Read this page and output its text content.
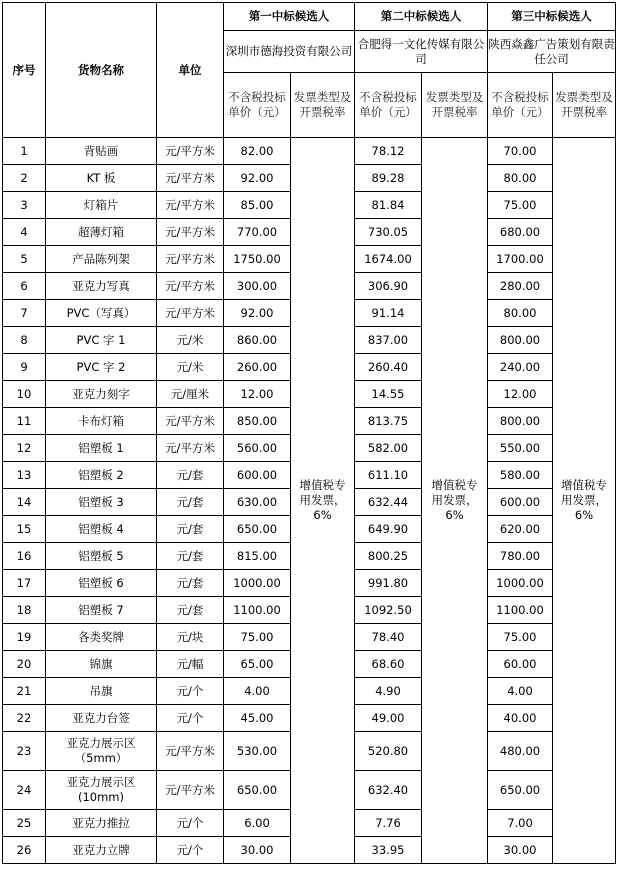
序号	货物名称	单位	第一中标候选人		第二中标候选人		第三中标候选人	
			深圳市德海投资有限公司		合肥得一文化传媒有限公司		陕西焱鑫广告策划有限责任公司	
			不含税投标单价（元）	发票类型及开票税率	不含税投标单价（元）	发票类型及开票税率	不含税投标单价（元）	发票类型及开票税率
1	背贴画	元/平方米	82.00	增值税专用发票，6%	78.12	增值税专用发票，6%	70.00	增值税专用发票，6%
2	KT 板	元/平方米	92.00		89.28		80.00	
3	灯箱片	元/平方米	85.00		81.84		75.00	
4	超薄灯箱	元/平方米	770.00		730.05		680.00	
5	产品陈列架	元/平方米	1750.00		1674.00		1700.00	
6	亚克力写真	元/平方米	300.00		306.90		280.00	
7	PVC（写真）	元/平方米	92.00		91.14		80.00	
8	PVC 字 1	元/米	860.00		837.00		800.00	
9	PVC 字 2	元/米	260.00		260.40		240.00	
10	亚克力刻字	元/厘米	12.00		14.55		12.00	
11	卡布灯箱	元/平方米	850.00		813.75		800.00	
12	铝塑板 1	元/平方米	560.00		582.00		550.00	
13	铝塑板 2	元/套	600.00		611.10		580.00	
14	铝塑板 3	元/套	630.00		632.44		600.00	
15	铝塑板 4	元/套	650.00		649.90		620.00	
16	铝塑板 5	元/套	815.00		800.25		780.00	
17	铝塑板 6	元/套	1000.00		991.80		1000.00	
18	铝塑板 7	元/套	1100.00		1092.50		1100.00	
19	各类奖牌	元/块	75.00		78.40		75.00	
20	锦旗	元/幅	65.00		68.60		60.00	
21	吊旗	元/个	4.00		4.90		4.00	
22	亚克力台签	元/个	45.00		49.00		40.00	
23	亚克力展示区（5mm）	元/平方米	530.00		520.80		480.00	
24	亚克力展示区(10mm)	元/平方米	650.00		632.40		650.00	
25	亚克力推拉	元/个	6.00		7.76		7.00	
26	亚克力立牌	元/个	30.00		33.95		30.00	
